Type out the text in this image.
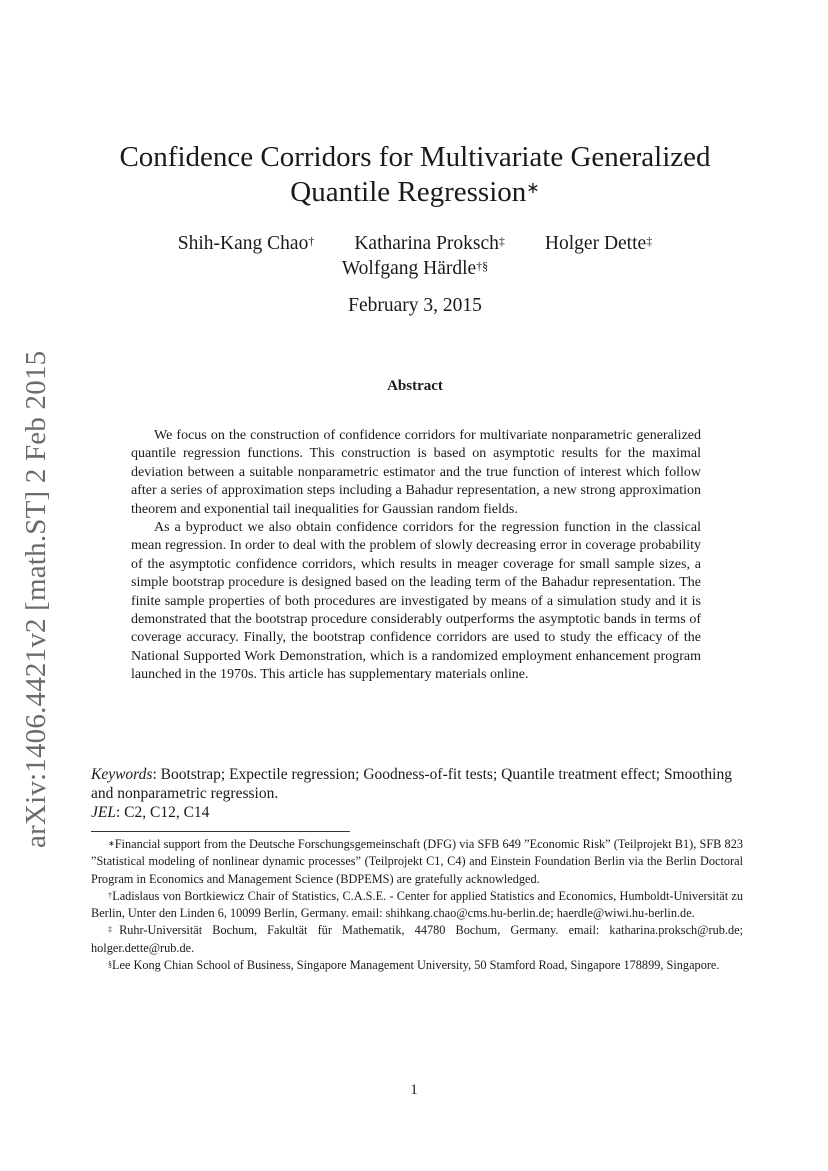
arXiv:1406.4421v2 [math.ST] 2 Feb 2015
Confidence Corridors for Multivariate Generalized
Quantile Regression∗
Shih-Kang Chao† Katharina Proksch‡ Holger Dette‡
Wolfgang Härdle†§
February 3, 2015
Abstract

We focus on the construction of confidence corridors for multivariate nonparametric generalized quantile regression functions. This construction is based on asymptotic results for the maximal deviation between a suitable nonparametric estimator and the true function of interest which follow after a series of approximation steps including a Bahadur representation, a new strong approximation theorem and exponential tail inequalities for Gaussian random fields.

As a byproduct we also obtain confidence corridors for the regression function in the classical mean regression. In order to deal with the problem of slowly decreasing error in coverage probability of the asymptotic confidence corridors, which results in meager coverage for small sample sizes, a simple bootstrap procedure is designed based on the leading term of the Bahadur representation. The finite sample properties of both procedures are investigated by means of a simulation study and it is demonstrated that the bootstrap procedure considerably outperforms the asymptotic bands in terms of coverage accuracy. Finally, the bootstrap confidence corridors are used to study the efficacy of the National Supported Work Demonstration, which is a randomized employment enhancement program launched in the 1970s. This article has supplementary materials online.

Keywords: Bootstrap; Expectile regression; Goodness-of-fit tests; Quantile treatment effect; Smoothing and nonparametric regression.
JEL: C2, C12, C14

∗Financial support from the Deutsche Forschungsgemeinschaft (DFG) via SFB 649 ”Economic Risk” (Teilprojekt B1), SFB 823 ”Statistical modeling of nonlinear dynamic processes” (Teilprojekt C1, C4) and Einstein Foundation Berlin via the Berlin Doctoral Program in Economics and Management Science (BDPEMS) are gratefully acknowledged.

†Ladislaus von Bortkiewicz Chair of Statistics, C.A.S.E. - Center for applied Statistics and Economics, Humboldt-Universität zu Berlin, Unter den Linden 6, 10099 Berlin, Germany. email: shihkang.chao@cms.hu-berlin.de; haerdle@wiwi.hu-berlin.de.

‡Ruhr-Universität Bochum, Fakultät für Mathematik, 44780 Bochum, Germany. email: katharina.proksch@rub.de; holger.dette@rub.de.

§Lee Kong Chian School of Business, Singapore Management University, 50 Stamford Road, Singapore 178899, Singapore.

1
